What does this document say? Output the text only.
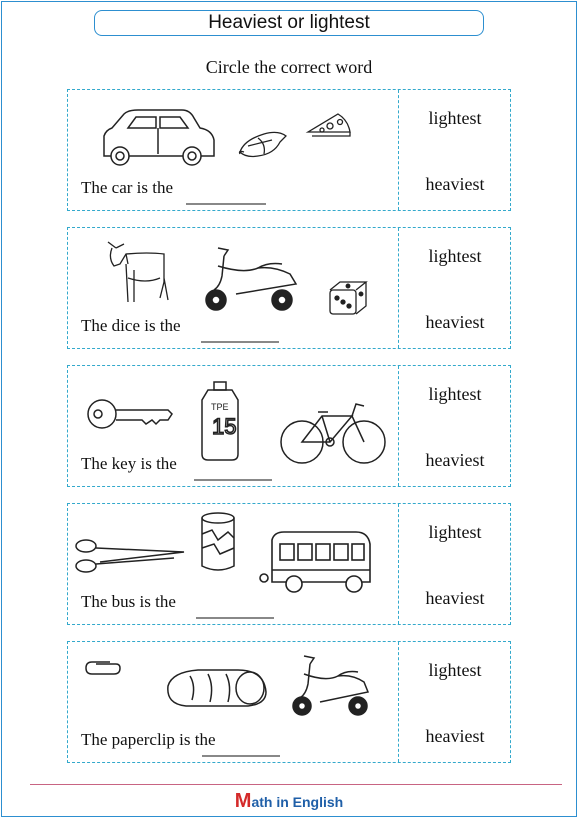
Heaviest or lightest
Circle the correct word
The car is the
lightest
heaviest
The dice is the
lightest
heaviest
TPE
15
The key is the
lightest
heaviest
The bus is the
lightest
heaviest
The paperclip is the
lightest
heaviest
Math in English
